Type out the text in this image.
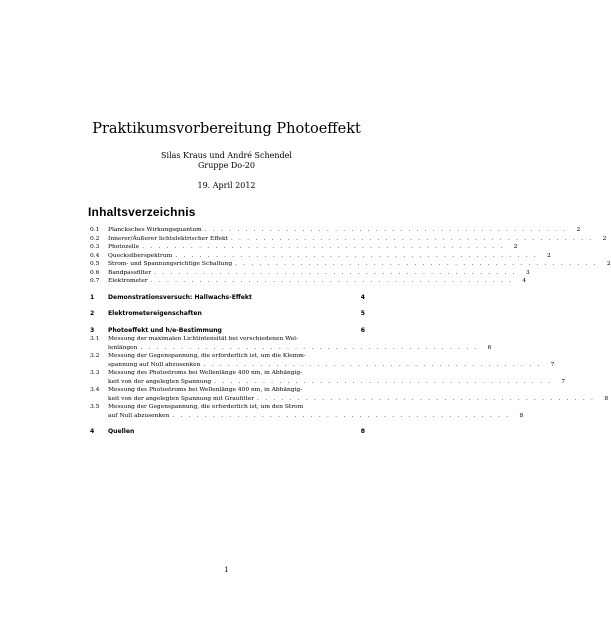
Praktikumsvorbereitung Photoeffekt
Silas Kraus und André Schendel
Gruppe Do-20
19. April 2012
Inhaltsverzeichnis
0.1	Plancksches Wirkungsquantum . . . . . . . . . . . . . . . . . . . . . . . . . . . . . . . . . . . . . . . . . . . . .	2
0.2	Innerer/Äußerer lichtelektrischer Effekt . . . . . . . . . . . . . . . . . . . . . . . . . . . . . . . . . . . . . . . . . . . . .	2
0.3	Photozelle . . . . . . . . . . . . . . . . . . . . . . . . . . . . . . . . . . . . . . . . . . . . .	2
0.4	Quecksilberspektrum . . . . . . . . . . . . . . . . . . . . . . . . . . . . . . . . . . . . . . . . . . . . .	2
0.5	Strom- und Spannungsrichtige Schaltung . . . . . . . . . . . . . . . . . . . . . . . . . . . . . . . . . . . . . . . . . . . . .	2
0.6	Bandpassfilter . . . . . . . . . . . . . . . . . . . . . . . . . . . . . . . . . . . . . . . . . . . . .	3
0.7	Elektrometer . . . . . . . . . . . . . . . . . . . . . . . . . . . . . . . . . . . . . . . . . . . . .	4
1	Demonstrationsversuch: Hallwachs-Effekt	4
2	Elektrometereigenschaften	5
3	Photoeffekt und h/e-Bestimmung	6
3.1	Messung der maximalen Lichtintensität bei verschiedenen Wel-
lenlängen . . . . . . . . . . . . . . . . . . . . . . . . . . . . . . . . . . . . . . . . . .	6
3.2	Messung der Gegenspannung, die erforderlich ist, um die Klemm-
spannung auf Null abzusenken . . . . . . . . . . . . . . . . . . . . . . . . . . . . . . . . . . . . . . . . . .	7
3.3	Messung des Photostroms bei Wellenlänge 400 nm, in Abhängig-
keit von der angelegten Spannung . . . . . . . . . . . . . . . . . . . . . . . . . . . . . . . . . . . . . . . . . .	7
3.4	Messung des Photostroms bei Wellenlänge 400 nm, in Abhängig-
keit von der angelegten Spannung mit Graufilter . . . . . . . . . . . . . . . . . . . . . . . . . . . . . . . . . . . . . . . . . .	8
3.5	Messung der Gegenspannung, die erforderlich ist, um den Strom
auf Null abzusenken . . . . . . . . . . . . . . . . . . . . . . . . . . . . . . . . . . . . . . . . . .	8
4	Quellen	8
1
